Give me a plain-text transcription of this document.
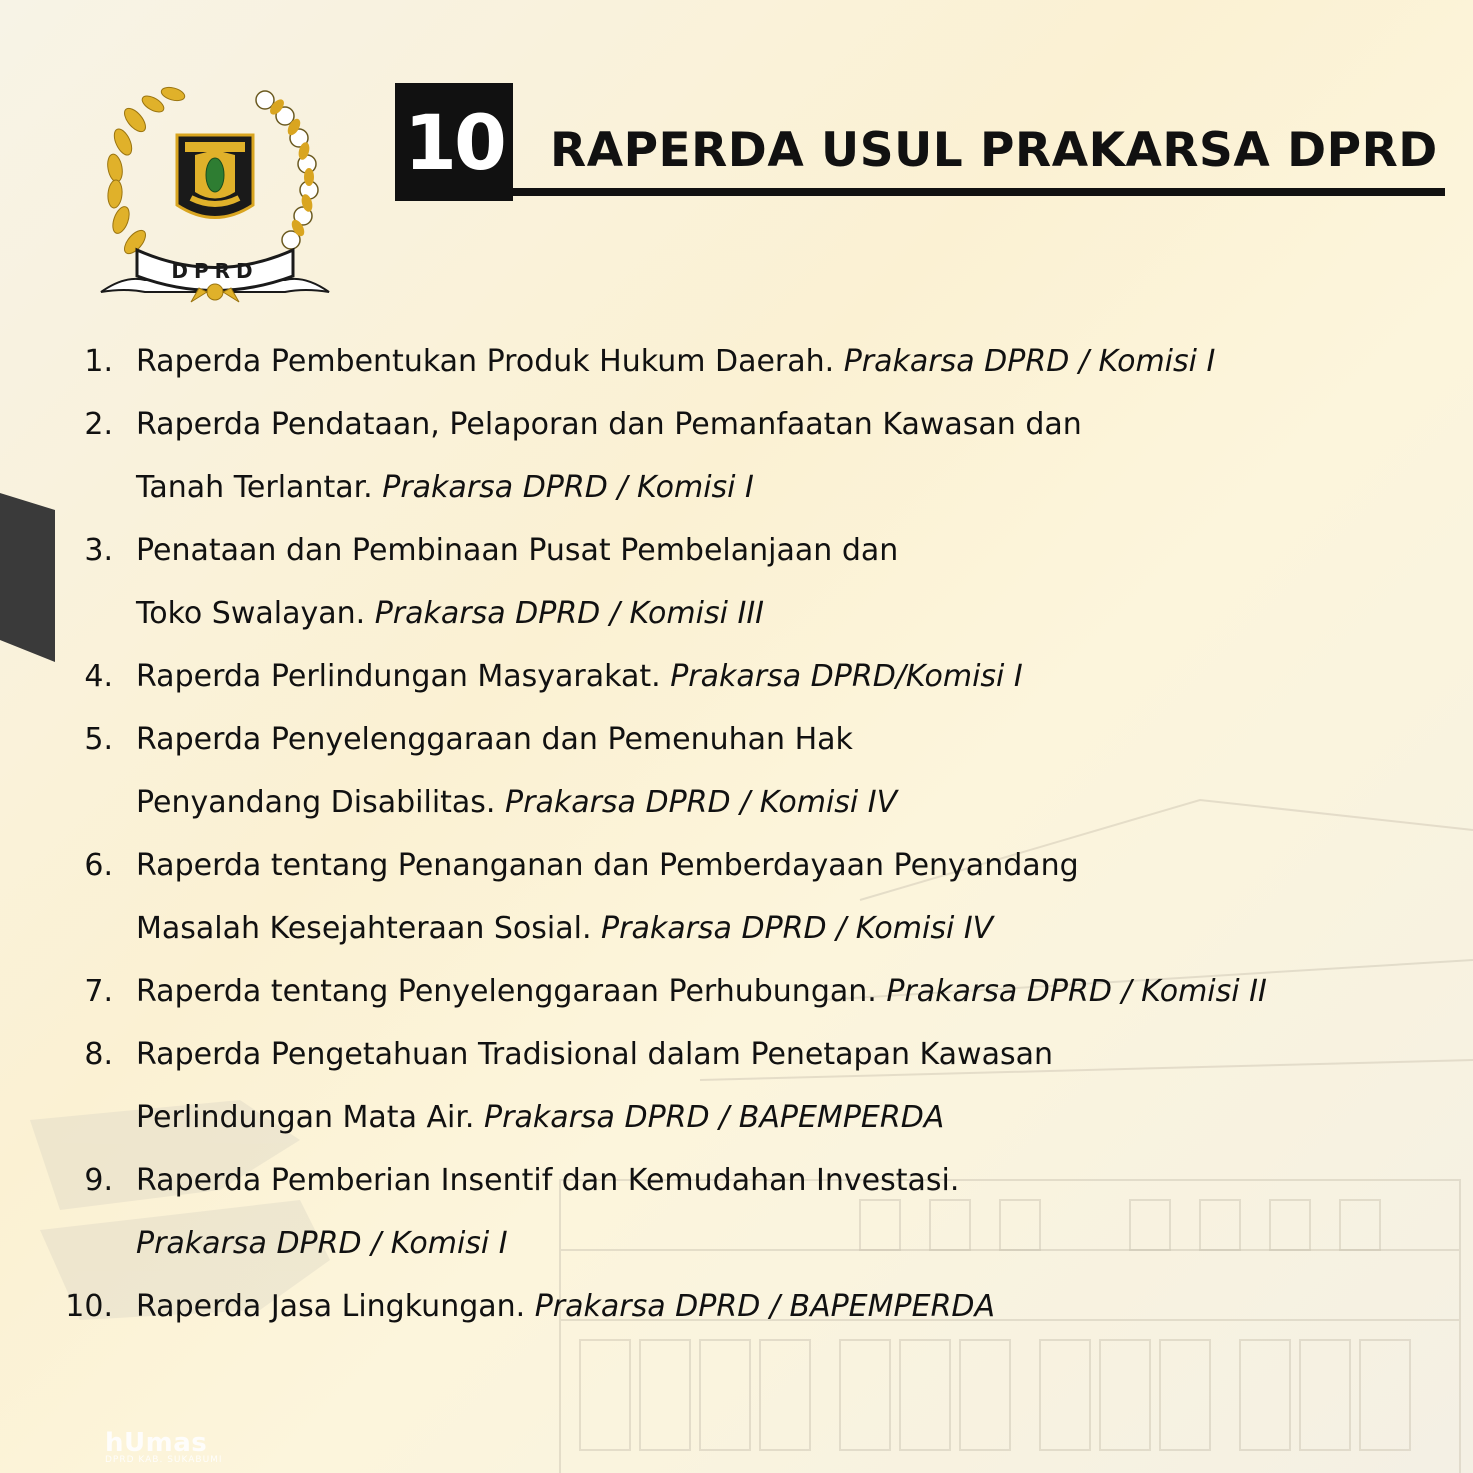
DPRD
10 RAPERDA USUL PRAKARSA DPRD
1. Raperda Pembentukan Produk Hukum Daerah. Prakarsa DPRD / Komisi I
2. Raperda Pendataan, Pelaporan dan Pemanfaatan Kawasan dan
Tanah Terlantar. Prakarsa DPRD / Komisi I
3. Penataan dan Pembinaan Pusat Pembelanjaan dan
Toko Swalayan. Prakarsa DPRD / Komisi III
4. Raperda Perlindungan Masyarakat. Prakarsa DPRD/Komisi I
5. Raperda Penyelenggaraan dan Pemenuhan Hak
Penyandang Disabilitas. Prakarsa DPRD / Komisi IV
6. Raperda tentang Penanganan dan Pemberdayaan Penyandang
Masalah Kesejahteraan Sosial. Prakarsa DPRD / Komisi IV
7. Raperda tentang Penyelenggaraan Perhubungan. Prakarsa DPRD / Komisi II
8. Raperda Pengetahuan Tradisional dalam Penetapan Kawasan
Perlindungan Mata Air. Prakarsa DPRD / BAPEMPERDA
9. Raperda Pemberian Insentif dan Kemudahan Investasi.
Prakarsa DPRD / Komisi I
10. Raperda Jasa Lingkungan. Prakarsa DPRD / BAPEMPERDA
hUmas
DPRD KAB. SUKABUMI
